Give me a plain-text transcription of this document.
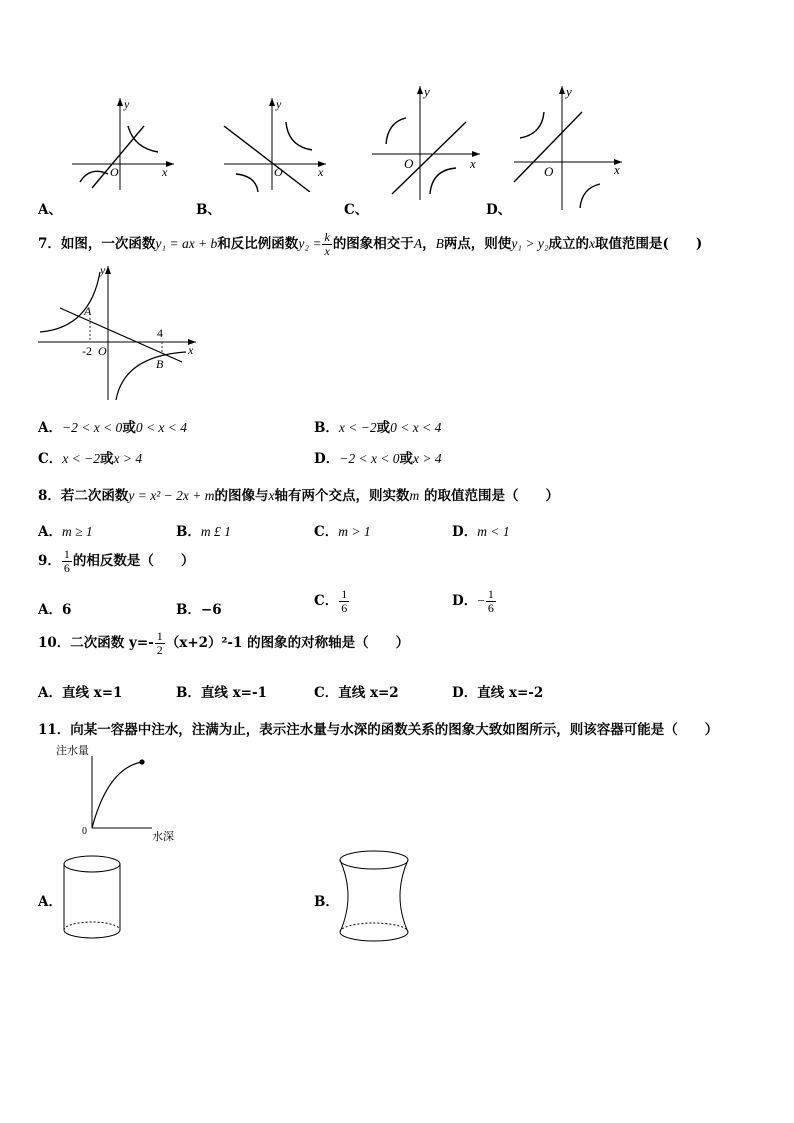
O	x
y
A、
O	x
y
B、
O	x
y
C、
O	x
y
D、
7．如图，一次函数y₁ = ax + b和反比例函数$y_2 = \frac{k}{x}$ 的图象相交于A，B两点，则使y₁ > y₂成立的x取值范围是(　　)
-2 O
4
A
B
x
y
A．−2 < x < 0或0 < x < 4	B．x < −2或0 < x < 4
C．x < −2或x > 4	D．−2 < x < 0或x > 4
8．若二次函数y = x² − 2x + m的图像与x轴有两个交点，则实数m 的取值范围是（　　）
A．m ≥ 1	B．m £ 1	C．m > 1	D．m < 1
9． $\frac{1}{6}$ 的相反数是（　　）
A．6	B．−6
C． $\frac{1}{6}$	D．− $\frac{1}{6}$
10．二次函数 $y=- \frac{1}{2} (x+2)^2-1$ 的图象的对称轴是（　　）
A．直线 x=1	B．直线 x=-1	C．直线 x=2	D．直线 x=-2
11．向某一容器中注水，注满为止，表示注水量与水深的函数关系的图象大致如图所示，则该容器可能是（　　）
注水量
水深
0
A．	B．
